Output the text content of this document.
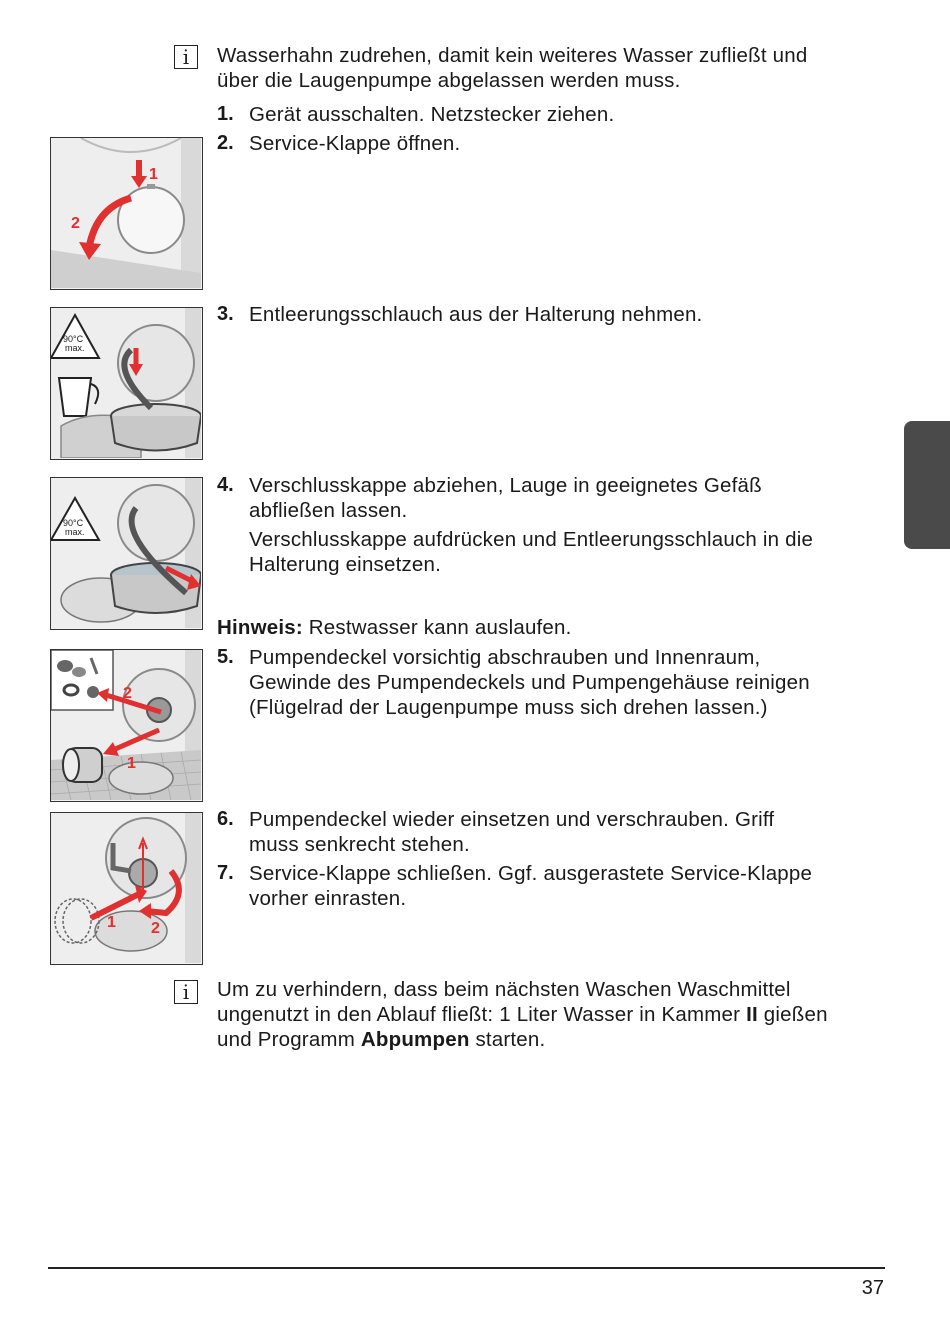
i	Wasserhahn zudrehen, damit kein weiteres Wasser zufließt und
über die Laugenpumpe abgelassen werden muss.
1. Gerät ausschalten. Netzstecker ziehen.
2. Service-Klappe öffnen.
3. Entleerungsschlauch aus der Halterung nehmen.
4. Verschlusskappe abziehen, Lauge in geeignetes Gefäß
abfließen lassen.
Verschlusskappe aufdrücken und Entleerungsschlauch in die
Halterung einsetzen.
Hinweis: Restwasser kann auslaufen.
5. Pumpendeckel vorsichtig abschrauben und Innenraum,
Gewinde des Pumpendeckels und Pumpengehäuse reinigen
(Flügelrad der Laugenpumpe muss sich drehen lassen.)
6. Pumpendeckel wieder einsetzen und verschrauben. Griff
muss senkrecht stehen.
7. Service-Klappe schließen. Ggf. ausgerastete Service-Klappe
vorher einrasten.
i	Um zu verhindern, dass beim nächsten Waschen Waschmittel
ungenutzt in den Ablauf fließt: 1 Liter Wasser in Kammer II gießen
und Programm Abpumpen starten.
1
2
90°C
max.
90°C
max.
2
1
1 2
37
